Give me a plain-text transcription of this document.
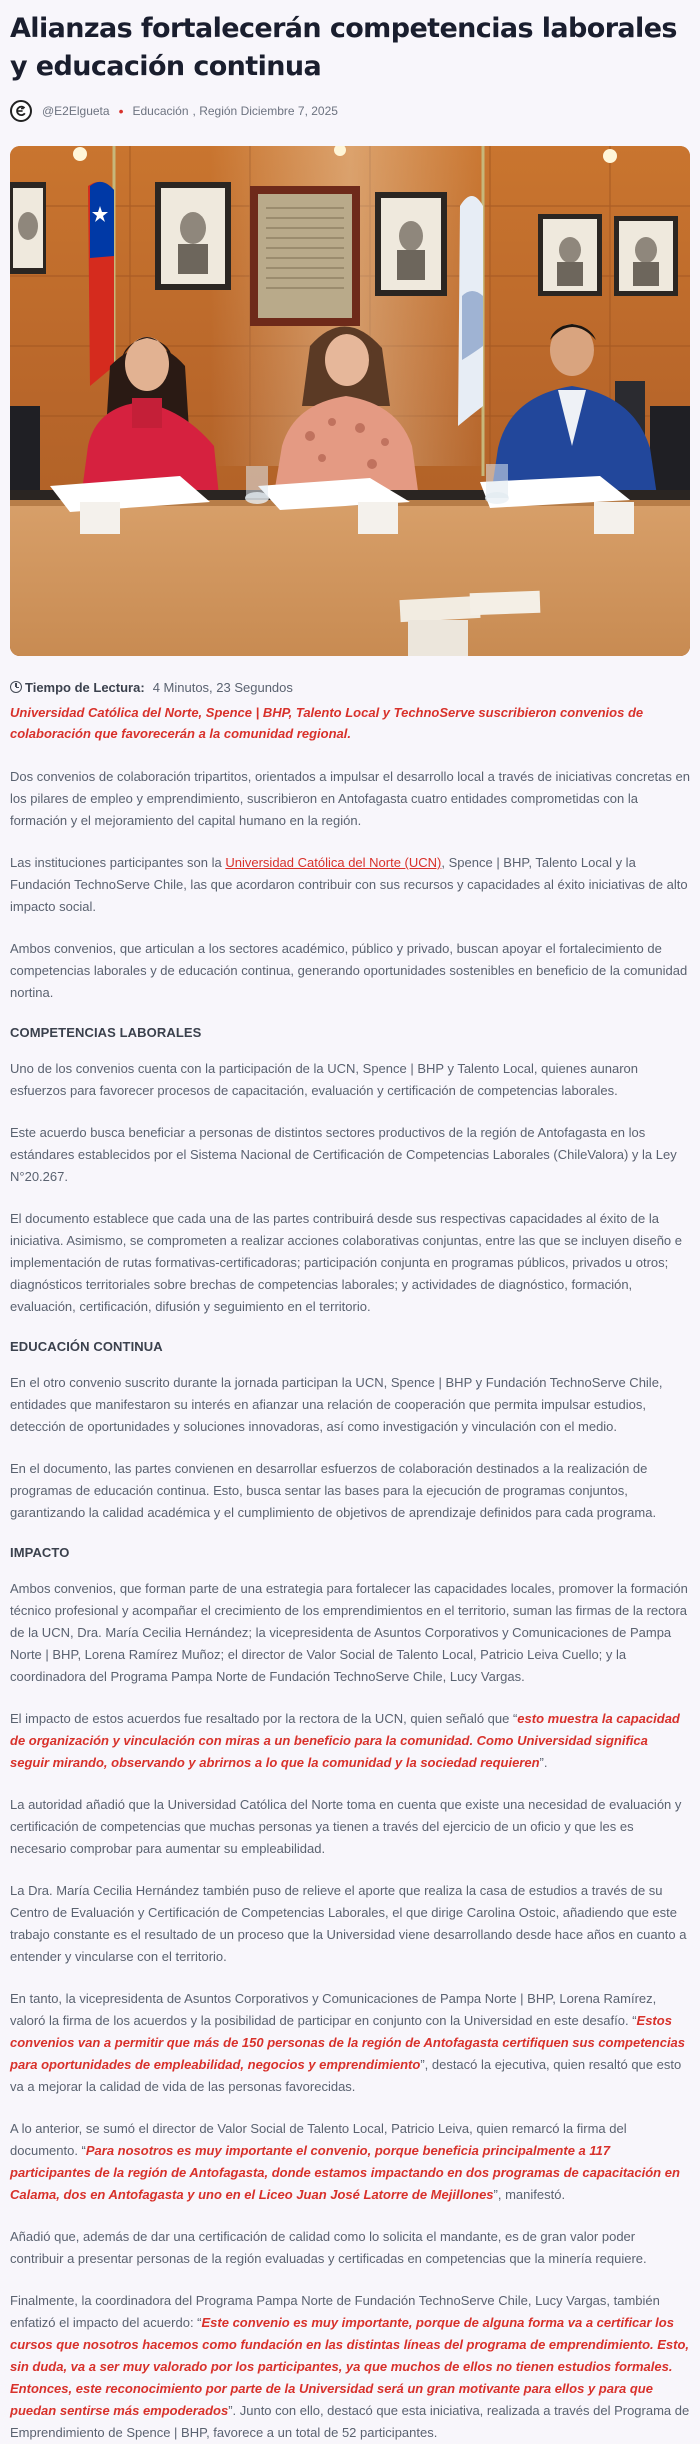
Alianzas fortalecerán competencias laborales y educación continua
@E2Elgueta • Educación , Región
Diciembre 7, 2025
Tiempo de Lectura: 4 Minutos, 23 Segundos

Universidad Católica del Norte, Spence | BHP, Talento Local y TechnoServe suscribieron convenios de colaboración que favorecerán a la comunidad regional.

Dos convenios de colaboración tripartitos, orientados a impulsar el desarrollo local a través de iniciativas concretas en los pilares de empleo y emprendimiento, suscribieron en Antofagasta cuatro entidades comprometidas con la formación y el mejoramiento del capital humano en la región.

Las instituciones participantes son la Universidad Católica del Norte (UCN), Spence | BHP, Talento Local y la Fundación TechnoServe Chile, las que acordaron contribuir con sus recursos y capacidades al éxito iniciativas de alto impacto social.

Ambos convenios, que articulan a los sectores académico, público y privado, buscan apoyar el fortalecimiento de competencias laborales y de educación continua, generando oportunidades sostenibles en beneficio de la comunidad nortina.

COMPETENCIAS LABORALES

Uno de los convenios cuenta con la participación de la UCN, Spence | BHP y Talento Local, quienes aunaron esfuerzos para favorecer procesos de capacitación, evaluación y certificación de competencias laborales.

Este acuerdo busca beneficiar a personas de distintos sectores productivos de la región de Antofagasta en los estándares establecidos por el Sistema Nacional de Certificación de Competencias Laborales (ChileValora) y la Ley N°20.267.

El documento establece que cada una de las partes contribuirá desde sus respectivas capacidades al éxito de la iniciativa. Asimismo, se comprometen a realizar acciones colaborativas conjuntas, entre las que se incluyen diseño e implementación de rutas formativas-certificadoras; participación conjunta en programas públicos, privados u otros; diagnósticos territoriales sobre brechas de competencias laborales; y actividades de diagnóstico, formación, evaluación, certificación, difusión y seguimiento en el territorio.

EDUCACIÓN CONTINUA

En el otro convenio suscrito durante la jornada participan la UCN, Spence | BHP y Fundación TechnoServe Chile, entidades que manifestaron su interés en afianzar una relación de cooperación que permita impulsar estudios, detección de oportunidades y soluciones innovadoras, así como investigación y vinculación con el medio.

En el documento, las partes convienen en desarrollar esfuerzos de colaboración destinados a la realización de programas de educación continua. Esto, busca sentar las bases para la ejecución de programas conjuntos, garantizando la calidad académica y el cumplimiento de objetivos de aprendizaje definidos para cada programa.

IMPACTO

Ambos convenios, que forman parte de una estrategia para fortalecer las capacidades locales, promover la formación técnico profesional y acompañar el crecimiento de los emprendimientos en el territorio, suman las firmas de la rectora de la UCN, Dra. María Cecilia Hernández; la vicepresidenta de Asuntos Corporativos y Comunicaciones de Pampa Norte | BHP, Lorena Ramírez Muñoz; el director de Valor Social de Talento Local, Patricio Leiva Cuello; y la coordinadora del Programa Pampa Norte de Fundación TechnoServe Chile, Lucy Vargas.

El impacto de estos acuerdos fue resaltado por la rectora de la UCN, quien señaló que “esto muestra la capacidad de organización y vinculación con miras a un beneficio para la comunidad. Como Universidad significa seguir mirando, observando y abrirnos a lo que la comunidad y la sociedad requieren”.

La autoridad añadió que la Universidad Católica del Norte toma en cuenta que existe una necesidad de evaluación y certificación de competencias que muchas personas ya tienen a través del ejercicio de un oficio y que les es necesario comprobar para aumentar su empleabilidad.

La Dra. María Cecilia Hernández también puso de relieve el aporte que realiza la casa de estudios a través de su Centro de Evaluación y Certificación de Competencias Laborales, el que dirige Carolina Ostoic, añadiendo que este trabajo constante es el resultado de un proceso que la Universidad viene desarrollando desde hace años en cuanto a entender y vincularse con el territorio.

En tanto, la vicepresidenta de Asuntos Corporativos y Comunicaciones de Pampa Norte | BHP, Lorena Ramírez, valoró la firma de los acuerdos y la posibilidad de participar en conjunto con la Universidad en este desafío. “Estos convenios van a permitir que más de 150 personas de la región de Antofagasta certifiquen sus competencias para oportunidades de empleabilidad, negocios y emprendimiento”, destacó la ejecutiva, quien resaltó que esto va a mejorar la calidad de vida de las personas favorecidas.

A lo anterior, se sumó el director de Valor Social de Talento Local, Patricio Leiva, quien remarcó la firma del documento. “Para nosotros es muy importante el convenio, porque beneficia principalmente a 117 participantes de la región de Antofagasta, donde estamos impactando en dos programas de capacitación en Calama, dos en Antofagasta y uno en el Liceo Juan José Latorre de Mejillones”, manifestó.

Añadió que, además de dar una certificación de calidad como lo solicita el mandante, es de gran valor poder contribuir a presentar personas de la región evaluadas y certificadas en competencias que la minería requiere.

Finalmente, la coordinadora del Programa Pampa Norte de Fundación TechnoServe Chile, Lucy Vargas, también enfatizó el impacto del acuerdo: “Este convenio es muy importante, porque de alguna forma va a certificar los cursos que nosotros hacemos como fundación en las distintas líneas del programa de emprendimiento. Esto, sin duda, va a ser muy valorado por los participantes, ya que muchos de ellos no tienen estudios formales. Entonces, este reconocimiento por parte de la Universidad será un gran motivante para ellos y para que puedan sentirse más empoderados”. Junto con ello, destacó que esta iniciativa, realizada a través del Programa de Emprendimiento de Spence | BHP, favorece a un total de 52 participantes.
